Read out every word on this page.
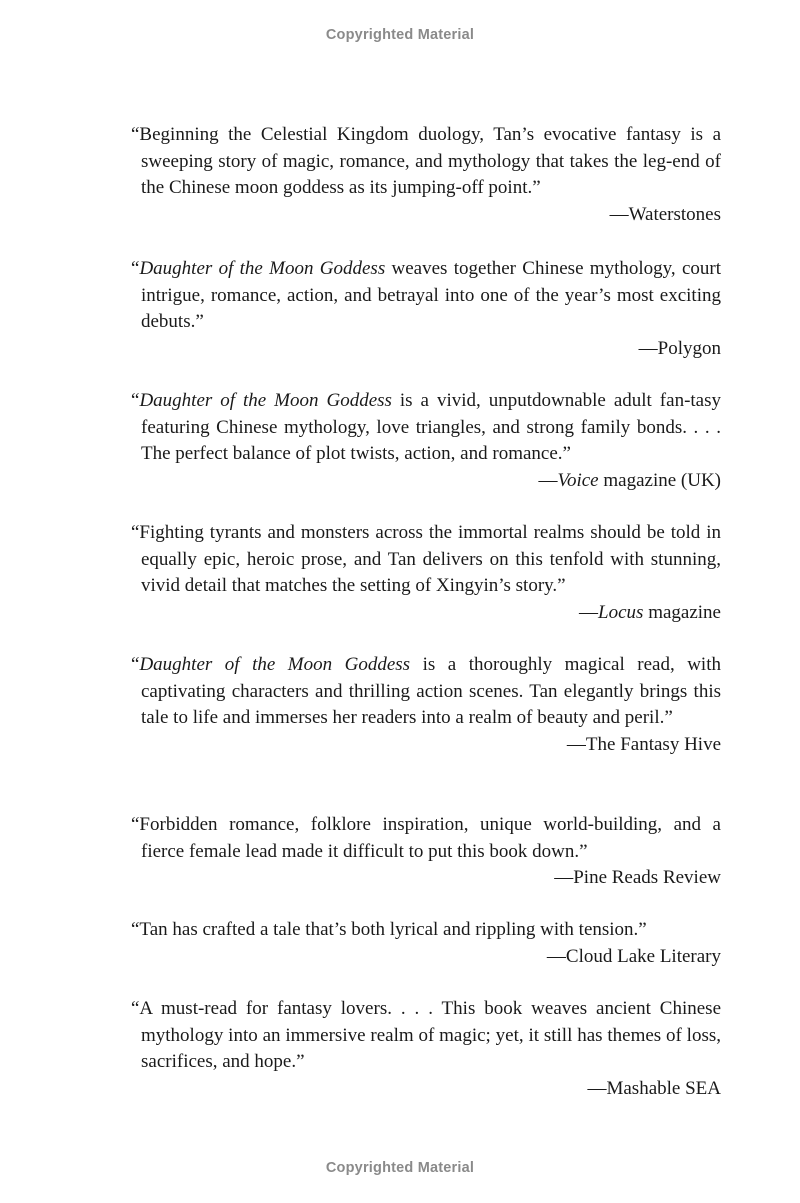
Copyrighted Material

“Beginning the Celestial Kingdom duology, Tan’s evocative fantasy is a sweeping story of magic, romance, and mythology that takes the leg-end of the Chinese moon goddess as its jumping-off point.”

—Waterstones

“Daughter of the Moon Goddess weaves together Chinese mythology, court intrigue, romance, action, and betrayal into one of the year’s most exciting debuts.”

—Polygon

“Daughter of the Moon Goddess is a vivid, unputdownable adult fan-tasy featuring Chinese mythology, love triangles, and strong family bonds. . . . The perfect balance of plot twists, action, and romance.”

—Voice magazine (UK)

“Fighting tyrants and monsters across the immortal realms should be told in equally epic, heroic prose, and Tan delivers on this tenfold with stunning, vivid detail that matches the setting of Xingyin’s story.”

—Locus magazine

“Daughter of the Moon Goddess is a thoroughly magical read, with captivating characters and thrilling action scenes. Tan elegantly brings this tale to life and immerses her readers into a realm of beauty and peril.”

—The Fantasy Hive

“Forbidden romance, folklore inspiration, unique world-building, and a fierce female lead made it difficult to put this book down.”

—Pine Reads Review

“Tan has crafted a tale that’s both lyrical and rippling with tension.”

—Cloud Lake Literary

“A must-read for fantasy lovers. . . . This book weaves ancient Chinese mythology into an immersive realm of magic; yet, it still has themes of loss, sacrifices, and hope.”

—Mashable SEA

Copyrighted Material
